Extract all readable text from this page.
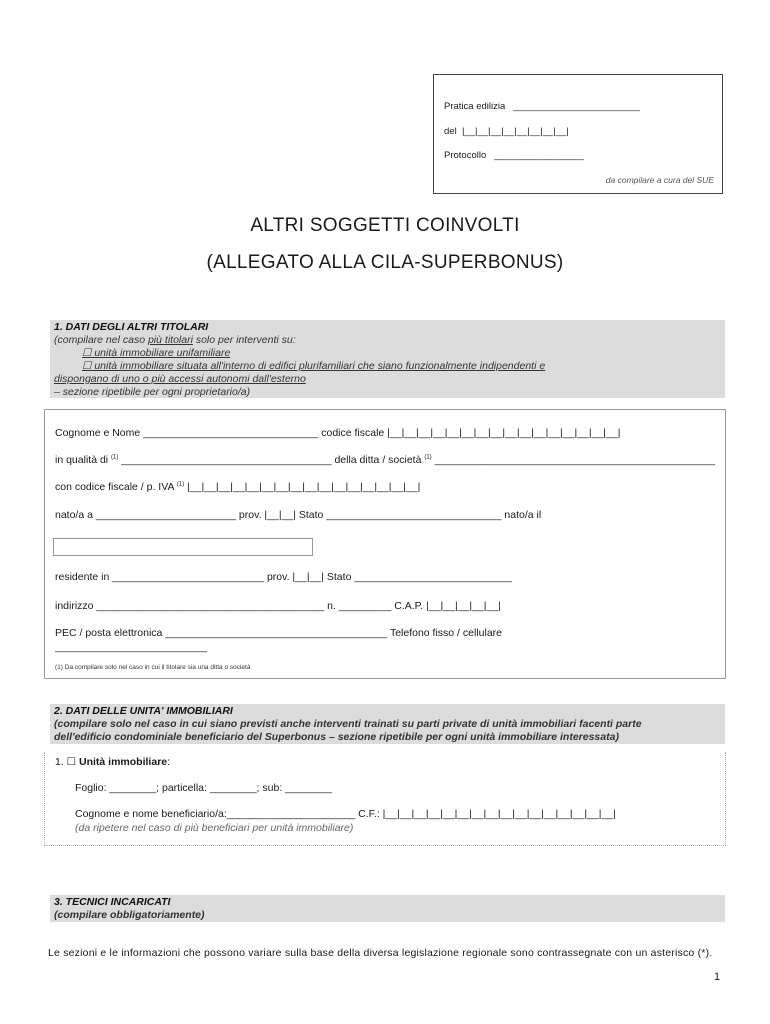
Pratica edilizia ________________________
del |__|__|__|__|__|__|__|__|
Protocollo _________________
da compilare a cura del SUE
ALTRI SOGGETTI COINVOLTI
(ALLEGATO ALLA CILA-SUPERBONUS)
1. DATI DEGLI ALTRI TITOLARI
(compilare nel caso più titolari solo per interventi su:
☐ unità immobiliare unifamiliare
☐ unità immobiliare situata all'interno di edifici plurifamiliari che siano funzionalmente indipendenti e
dispongano di uno o più accessi autonomi dall'esterno
– sezione ripetibile per ogni proprietario/a)
Cognome e Nome ______________________________ codice fiscale |__|__|__|__|__|__|__|__|__|__|__|__|__|__|__|__|
in qualità di $^{(1)}$ ____________________________________ della ditta / società $^{(1)}$ ________________________________________________
con codice fiscale / p. IVA $^{(1)}$ |__|__|__|__|__|__|__|__|__|__|__|__|__|__|__|__|
nato/a a ________________________ prov. |__|__| Stato ______________________________ nato/a il
residente in __________________________ prov. |__|__| Stato ___________________________
indirizzo _______________________________________ n. _________ C.A.P. |__|__|__|__|__|
PEC / posta elettronica ______________________________________ Telefono fisso / cellulare
__________________________
(1) Da compilare solo nel caso in cui il titolare sia una ditta o società
2. DATI DELLE UNITA' IMMOBILIARI
(compilare solo nel caso in cui siano previsti anche interventi trainati su parti private di unità immobiliari facenti parte
dell'edificio condominiale beneficiario del Superbonus – sezione ripetibile per ogni unità immobiliare interessata)
1. ☐ Unità immobiliare:
Foglio: ________; particella: ________; sub: ________
Cognome e nome beneficiario/a:______________________ C.F.: |__|__|__|__|__|__|__|__|__|__|__|__|__|__|__|__|
(da ripetere nel caso di più beneficiari per unità immobiliare)
3. TECNICI INCARICATI
(compilare obbligatoriamente)
Le sezioni e le informazioni che possono variare sulla base della diversa legislazione regionale sono contrassegnate con un asterisco (*).
1
